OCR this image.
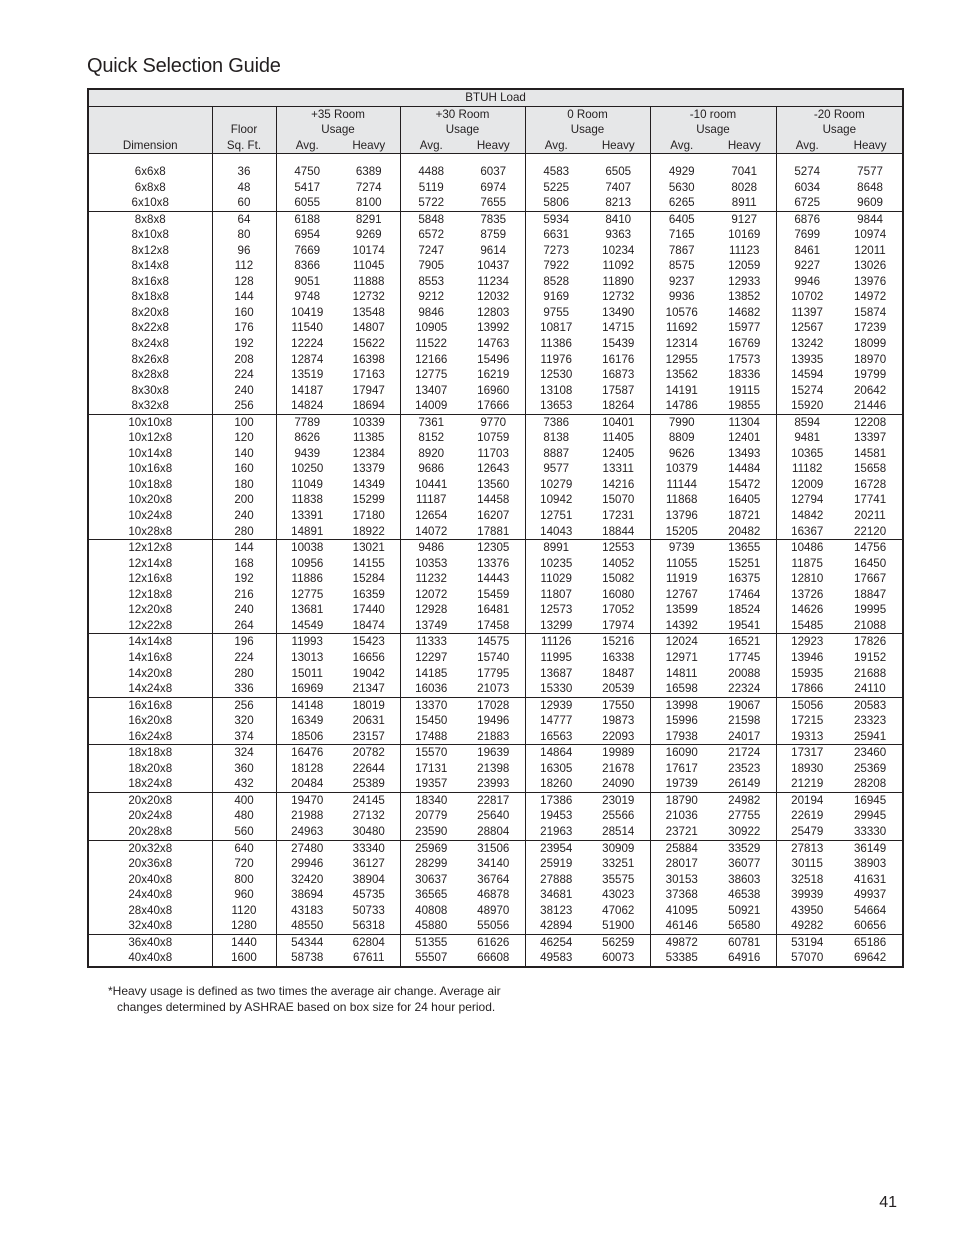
Quick Selection Guide
BTUH Load											
		+35 Room		+30 Room		0 Room		-10 room		-20 Room	
	Floor	Usage		Usage		Usage		Usage		Usage	
Dimension	Sq. Ft.	Avg.	Heavy	Avg.	Heavy	Avg.	Heavy	Avg.	Heavy	Avg.	Heavy

6x6x8	36	4750	6389	4488	6037	4583	6505	4929	7041	5274	7577
6x8x8	48	5417	7274	5119	6974	5225	7407	5630	8028	6034	8648
6x10x8	60	6055	8100	5722	7655	5806	8213	6265	8911	6725	9609
8x8x8	64	6188	8291	5848	7835	5934	8410	6405	9127	6876	9844
8x10x8	80	6954	9269	6572	8759	6631	9363	7165	10169	7699	10974
8x12x8	96	7669	10174	7247	9614	7273	10234	7867	11123	8461	12011
8x14x8	112	8366	11045	7905	10437	7922	11092	8575	12059	9227	13026
8x16x8	128	9051	11888	8553	11234	8528	11890	9237	12933	9946	13976
8x18x8	144	9748	12732	9212	12032	9169	12732	9936	13852	10702	14972
8x20x8	160	10419	13548	9846	12803	9755	13490	10576	14682	11397	15874
8x22x8	176	11540	14807	10905	13992	10817	14715	11692	15977	12567	17239
8x24x8	192	12224	15622	11522	14763	11386	15439	12314	16769	13242	18099
8x26x8	208	12874	16398	12166	15496	11976	16176	12955	17573	13935	18970
8x28x8	224	13519	17163	12775	16219	12530	16873	13562	18336	14594	19799
8x30x8	240	14187	17947	13407	16960	13108	17587	14191	19115	15274	20642
8x32x8	256	14824	18694	14009	17666	13653	18264	14786	19855	15920	21446
10x10x8	100	7789	10339	7361	9770	7386	10401	7990	11304	8594	12208
10x12x8	120	8626	11385	8152	10759	8138	11405	8809	12401	9481	13397
10x14x8	140	9439	12384	8920	11703	8887	12405	9626	13493	10365	14581
10x16x8	160	10250	13379	9686	12643	9577	13311	10379	14484	11182	15658
10x18x8	180	11049	14349	10441	13560	10279	14216	11144	15472	12009	16728
10x20x8	200	11838	15299	11187	14458	10942	15070	11868	16405	12794	17741
10x24x8	240	13391	17180	12654	16207	12751	17231	13796	18721	14842	20211
10x28x8	280	14891	18922	14072	17881	14043	18844	15205	20482	16367	22120
12x12x8	144	10038	13021	9486	12305	8991	12553	9739	13655	10486	14756
12x14x8	168	10956	14155	10353	13376	10235	14052	11055	15251	11875	16450
12x16x8	192	11886	15284	11232	14443	11029	15082	11919	16375	12810	17667
12x18x8	216	12775	16359	12072	15459	11807	16080	12767	17464	13726	18847
12x20x8	240	13681	17440	12928	16481	12573	17052	13599	18524	14626	19995
12x22x8	264	14549	18474	13749	17458	13299	17974	14392	19541	15485	21088
14x14x8	196	11993	15423	11333	14575	11126	15216	12024	16521	12923	17826
14x16x8	224	13013	16656	12297	15740	11995	16338	12971	17745	13946	19152
14x20x8	280	15011	19042	14185	17795	13687	18487	14811	20088	15935	21688
14x24x8	336	16969	21347	16036	21073	15330	20539	16598	22324	17866	24110
16x16x8	256	14148	18019	13370	17028	12939	17550	13998	19067	15056	20583
16x20x8	320	16349	20631	15450	19496	14777	19873	15996	21598	17215	23323
16x24x8	374	18506	23157	17488	21883	16563	22093	17938	24017	19313	25941
18x18x8	324	16476	20782	15570	19639	14864	19989	16090	21724	17317	23460
18x20x8	360	18128	22644	17131	21398	16305	21678	17617	23523	18930	25369
18x24x8	432	20484	25389	19357	23993	18260	24090	19739	26149	21219	28208
20x20x8	400	19470	24145	18340	22817	17386	23019	18790	24982	20194	16945
20x24x8	480	21988	27132	20779	25640	19453	25566	21036	27755	22619	29945
20x28x8	560	24963	30480	23590	28804	21963	28514	23721	30922	25479	33330
20x32x8	640	27480	33340	25969	31506	23954	30909	25884	33529	27813	36149
20x36x8	720	29946	36127	28299	34140	25919	33251	28017	36077	30115	38903
20x40x8	800	32420	38904	30637	36764	27888	35575	30153	38603	32518	41631
24x40x8	960	38694	45735	36565	46878	34681	43023	37368	46538	39939	49937
28x40x8	1120	43183	50733	40808	48970	38123	47062	41095	50921	43950	54664
32x40x8	1280	48550	56318	45880	55056	42894	51900	46146	56580	49282	60656
36x40x8	1440	54344	62804	51355	61626	46254	56259	49872	60781	53194	65186
40x40x8	1600	58738	67611	55507	66608	49583	60073	53385	64916	57070	69642
*Heavy usage is defined as two times the average air change. Average air
changes determined by ASHRAE based on box size for 24 hour period.
41
